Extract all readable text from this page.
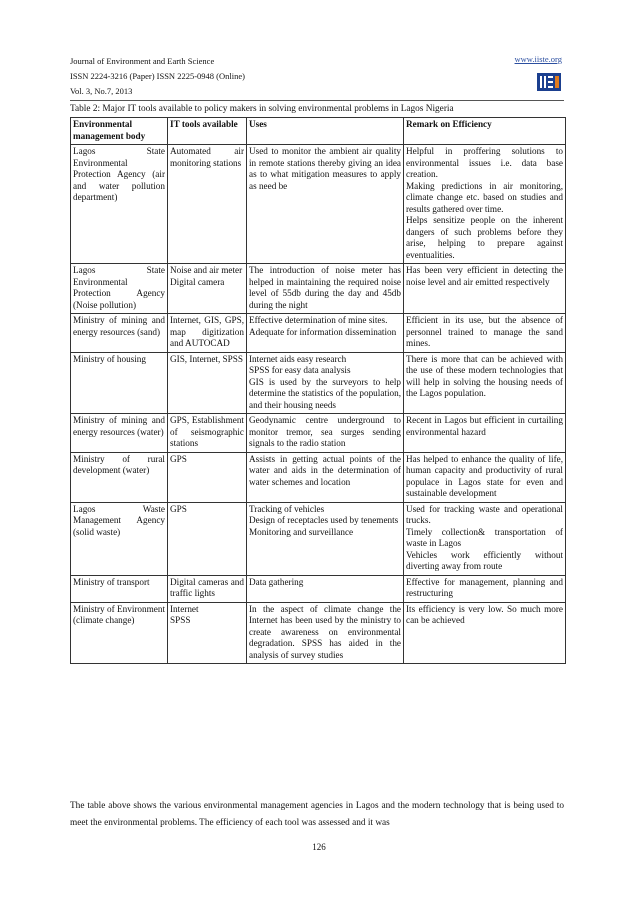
Journal of Environment and Earth Science
ISSN 2224-3216 (Paper) ISSN 2225-0948 (Online)
Vol. 3, No.7, 2013
www.iiste.org
Table 2: Major IT tools available to policy makers in solving environmental problems in Lagos Nigeria
Environmental management body	IT tools available	Uses	Remark on Efficiency
Lagos State Environmental Protection Agency (air and water pollution department)	Automated air monitoring stations	Used to monitor the ambient air quality in remote stations thereby giving an idea as to what mitigation measures to apply as need be	Helpful in proffering solutions to environmental issues i.e. data base creation.
Making predictions in air monitoring, climate change etc. based on studies and results gathered over time.
Helps sensitize people on the inherent dangers of such problems before they arise, helping to prepare against eventualities.

Lagos State Environmental Protection Agency (Noise pollution)	Noise and air meter
Digital camera	The introduction of noise meter has helped in maintaining the required noise level of 55db during the day and 45db during the night	Has been very efficient in detecting the noise level and air emitted respectively

Ministry of mining and energy resources (sand)	Internet, GIS, GPS, map digitization and AUTOCAD	Effective determination of mine sites.
Adequate for information dissemination	Efficient in its use, but the absence of personnel trained to manage the sand mines.

Ministry of housing	GIS, Internet, SPSS	Internet aids easy research
SPSS for easy data analysis
GIS is used by the surveyors to help determine the statistics of the population, and their housing needs	There is more that can be achieved with the use of these modern technologies that will help in solving the housing needs of the Lagos population.

Ministry of mining and energy resources (water)	GPS, Establishment of seismographic stations	Geodynamic centre underground to monitor tremor, sea surges sending signals to the radio station	Recent in Lagos but efficient in curtailing environmental hazard

Ministry of rural development (water)	GPS	Assists in getting actual points of the water and aids in the determination of water schemes and location	Has helped to enhance the quality of life, human capacity and productivity of rural populace in Lagos state for even and sustainable development

Lagos Waste Management Agency (solid waste)	GPS	Tracking of vehicles
Design of receptacles used by tenements
Monitoring and surveillance	Used for tracking waste and operational trucks.
Timely collection& transportation of waste in Lagos
Vehicles work efficiently without diverting away from route

Ministry of transport	Digital cameras and traffic lights	Data gathering	Effective for management, planning and restructuring

Ministry of Environment (climate change)	Internet
SPSS	In the aspect of climate change the Internet has been used by the ministry to create awareness on environmental degradation. SPSS has aided in the analysis of survey studies	Its efficiency is very low. So much more can be achieved
The table above shows the various environmental management agencies in Lagos and the modern technology that is being used to meet the environmental problems. The efficiency of each tool was assessed and it was
126
